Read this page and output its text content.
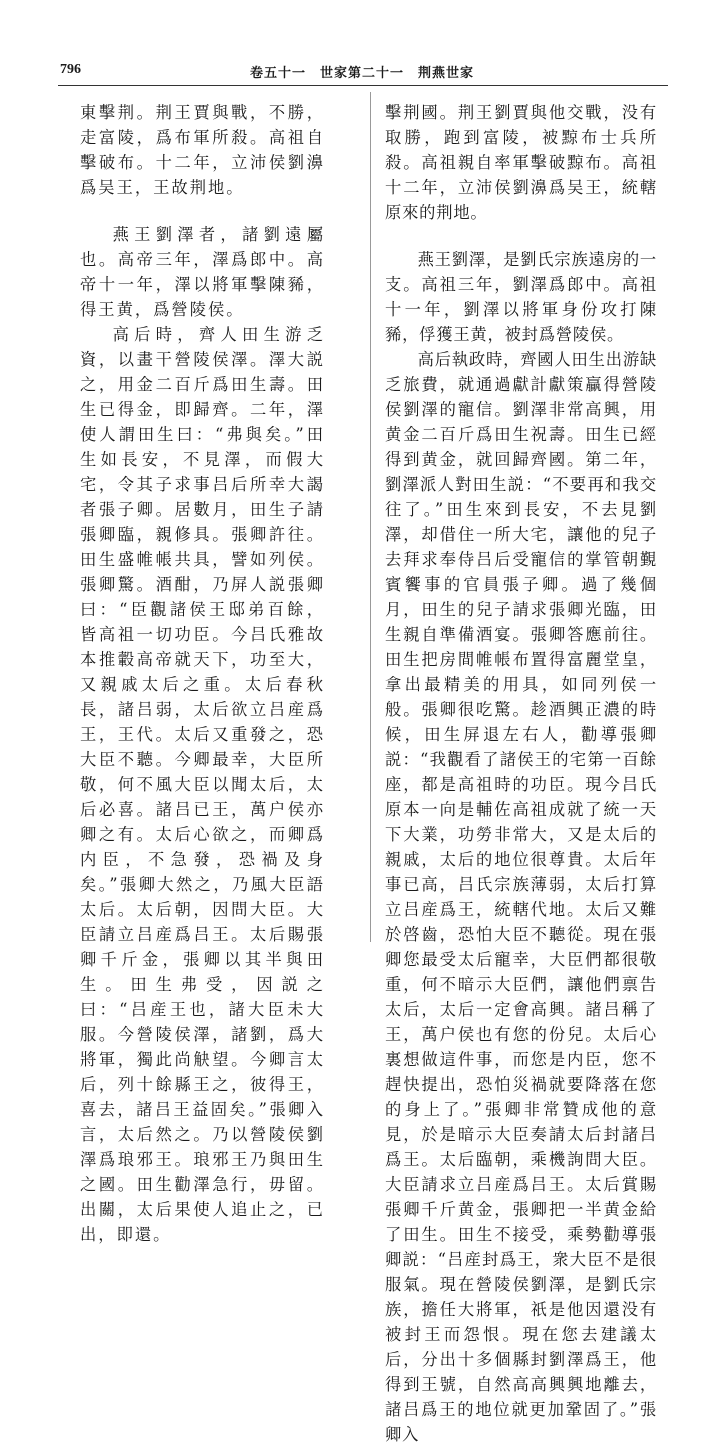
796	卷五十一　世家第二十一　荆燕世家

東擊荆。荆王賈與戰，不勝，走富陵，爲布軍所殺。高祖自擊破布。十二年，立沛侯劉濞爲吴王，王故荆地。

燕王劉澤者，諸劉遠屬也。高帝三年，澤爲郎中。高帝十一年，澤以將軍擊陳豨，得王黄，爲營陵侯。

高后時，齊人田生游乏資，以畫干營陵侯澤。澤大説之，用金二百斤爲田生壽。田生已得金，即歸齊。二年，澤使人謂田生曰：“弗與矣。”田生如長安，不見澤，而假大宅，令其子求事吕后所幸大謁者張子卿。居數月，田生子請張卿臨，親修具。張卿許往。田生盛帷帳共具，譬如列侯。張卿驚。酒酣，乃屏人説張卿曰：“臣觀諸侯王邸弟百餘，皆高祖一切功臣。今吕氏雅故本推轂高帝就天下，功至大，又親戚太后之重。太后春秋長，諸吕弱，太后欲立吕産爲王，王代。太后又重發之，恐大臣不聽。今卿最幸，大臣所敬，何不風大臣以聞太后，太后必喜。諸吕已王，萬户侯亦卿之有。太后心欲之，而卿爲内臣，不急發，恐禍及身矣。”張卿大然之，乃風大臣語太后。太后朝，因問大臣。大臣請立吕産爲吕王。太后賜張卿千斤金，張卿以其半與田生。田生弗受，因説之曰：“吕産王也，諸大臣未大服。今營陵侯澤，諸劉，爲大將軍，獨此尚觖望。今卿言太后，列十餘縣王之，彼得王，喜去，諸吕王益固矣。”張卿入言，太后然之。乃以營陵侯劉澤爲琅邪王。琅邪王乃與田生之國。田生勸澤急行，毋留。出關，太后果使人追止之，已出，即還。

擊荆國。荆王劉賈與他交戰，没有取勝，跑到富陵，被黥布士兵所殺。高祖親自率軍擊破黥布。高祖十二年，立沛侯劉濞爲吴王，統轄原來的荆地。

燕王劉澤，是劉氏宗族遠房的一支。高祖三年，劉澤爲郎中。高祖十一年，劉澤以將軍身份攻打陳豨，俘獲王黄，被封爲營陵侯。

高后執政時，齊國人田生出游缺乏旅費，就通過獻計獻策贏得營陵侯劉澤的寵信。劉澤非常高興，用黄金二百斤爲田生祝壽。田生已經得到黄金，就回歸齊國。第二年，劉澤派人對田生説：“不要再和我交往了。”田生來到長安，不去見劉澤，却借住一所大宅，讓他的兒子去拜求奉侍吕后受寵信的掌管朝覲賓饗事的官員張子卿。過了幾個月，田生的兒子請求張卿光臨，田生親自準備酒宴。張卿答應前往。田生把房間帷帳布置得富麗堂皇，拿出最精美的用具，如同列侯一般。張卿很吃驚。趁酒興正濃的時候，田生屏退左右人，勸導張卿説：“我觀看了諸侯王的宅第一百餘座，都是高祖時的功臣。現今吕氏原本一向是輔佐高祖成就了統一天下大業，功勞非常大，又是太后的親戚，太后的地位很尊貴。太后年事已高，吕氏宗族薄弱，太后打算立吕産爲王，統轄代地。太后又難於啓齒，恐怕大臣不聽從。現在張卿您最受太后寵幸，大臣們都很敬重，何不暗示大臣們，讓他們禀告太后，太后一定會高興。諸吕稱了王，萬户侯也有您的份兒。太后心裏想做這件事，而您是内臣，您不趕快提出，恐怕災禍就要降落在您的身上了。”張卿非常贊成他的意見，於是暗示大臣奏請太后封諸吕爲王。太后臨朝，乘機詢問大臣。大臣請求立吕産爲吕王。太后賞賜張卿千斤黄金，張卿把一半黄金給了田生。田生不接受，乘勢勸導張卿説：“吕産封爲王，衆大臣不是很服氣。現在營陵侯劉澤，是劉氏宗族，擔任大將軍，祇是他因還没有被封王而怨恨。現在您去建議太后，分出十多個縣封劉澤爲王，他得到王號，自然高高興興地離去，諸吕爲王的地位就更加鞏固了。”張卿入
